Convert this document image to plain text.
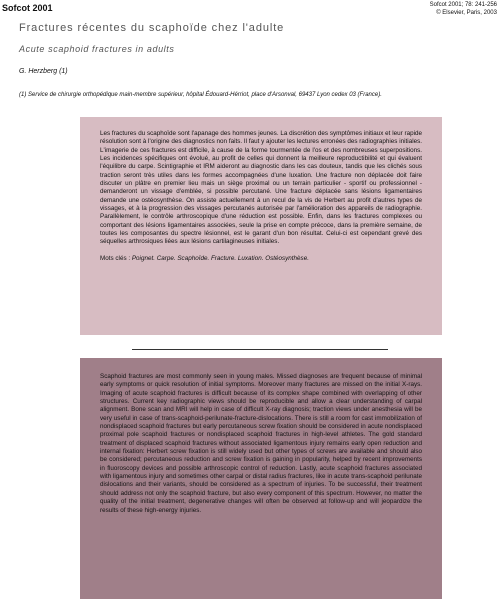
Sofcot 2001	Sofcot 2001; 78: 241-256
© Elsevier, Paris, 2003
Fractures récentes du scaphoïde chez l'adulte
Acute scaphoid fractures in adults
G. Herzberg (1)
(1) Service de chirurgie orthopédique main-membre supérieur, hôpital Édouard-Hérriot, place d'Arsonval, 69437 Lyon cedex 03 (France).

Les fractures du scaphoïde sont l'apanage des hommes jeunes. La discrétion des symptômes initiaux et leur rapide résolution sont à l'origine des diagnostics non faits. Il faut y ajouter les lectures erronées des radiographies initiales. L'imagerie de ces fractures est difficile, à cause de la forme tourmentée de l'os et des nombreuses superpositions. Les incidences spécifiques ont évolué, au profit de celles qui donnent la meilleure reproductibilité et qui évaluent l'équilibre du carpe. Scintigraphie et IRM aideront au diagnostic dans les cas douteux, tandis que les clichés sous traction seront très utiles dans les formes accompagnées d'une luxation. Une fracture non déplacée doit faire discuter un plâtre en premier lieu mais un siège proximal ou un terrain particulier - sportif ou professionnel - demanderont un vissage d'emblée, si possible percutané. Une fracture déplacée sans lésions ligamentaires demande une ostéosynthèse. On assiste actuellement à un recul de la vis de Herbert au profit d'autres types de vissages, et à la progression des vissages percutanés autorisée par l'amélioration des appareils de radiographie. Parallèlement, le contrôle arthroscopique d'une réduction est possible. Enfin, dans les fractures complexes ou comportant des lésions ligamentaires associées, seule la prise en compte précoce, dans la première semaine, de toutes les composantes du spectre lésionnel, est le garant d'un bon résultat. Celui-ci est cependant grevé des séquelles arthrosiques liées aux lésions cartilagineuses initiales.

Mots clés : Poignet. Carpe. Scaphoïde. Fracture. Luxation. Ostéosynthèse.

Scaphoid fractures are most commonly seen in young males. Missed diagnoses are frequent because of minimal early symptoms or quick resolution of initial symptoms. Moreover many fractures are missed on the initial X-rays. Imaging of acute scaphoid fractures is difficult because of its complex shape combined with overlapping of other structures. Current key radiographic views should be reproducible and allow a clear understanding of carpal alignment. Bone scan and MRI will help in case of difficult X-ray diagnosis; traction views under anesthesia will be very useful in case of trans-scaphoid-perilunate-fracture-dislocations. There is still a room for cast immobilization of nondisplaced scaphoid fractures but early percutaneous screw fixation should be considered in acute nondisplaced proximal pole scaphoid fractures or nondisplaced scaphoid fractures in high-level athletes. The gold standard treatment of displaced scaphoid fractures without associated ligamentous injury remains early open reduction and internal fixation: Herbert screw fixation is still widely used but other types of screws are available and should also be considered; percutaneous reduction and screw fixation is gaining in popularity, helped by recent improvements in fluoroscopy devices and possible arthroscopic control of reduction. Lastly, acute scaphoid fractures associated with ligamentous injury and sometimes other carpal or distal radius fractures, like in acute trans-scaphoid perilunate dislocations and their variants, should be considered as a spectrum of injuries. To be successful, their treatment should address not only the scaphoid fracture, but also every component of this spectrum. However, no matter the quality of the initial treatment, degenerative changes will often be observed at follow-up and will jeopardize the results of these high-energy injuries.
